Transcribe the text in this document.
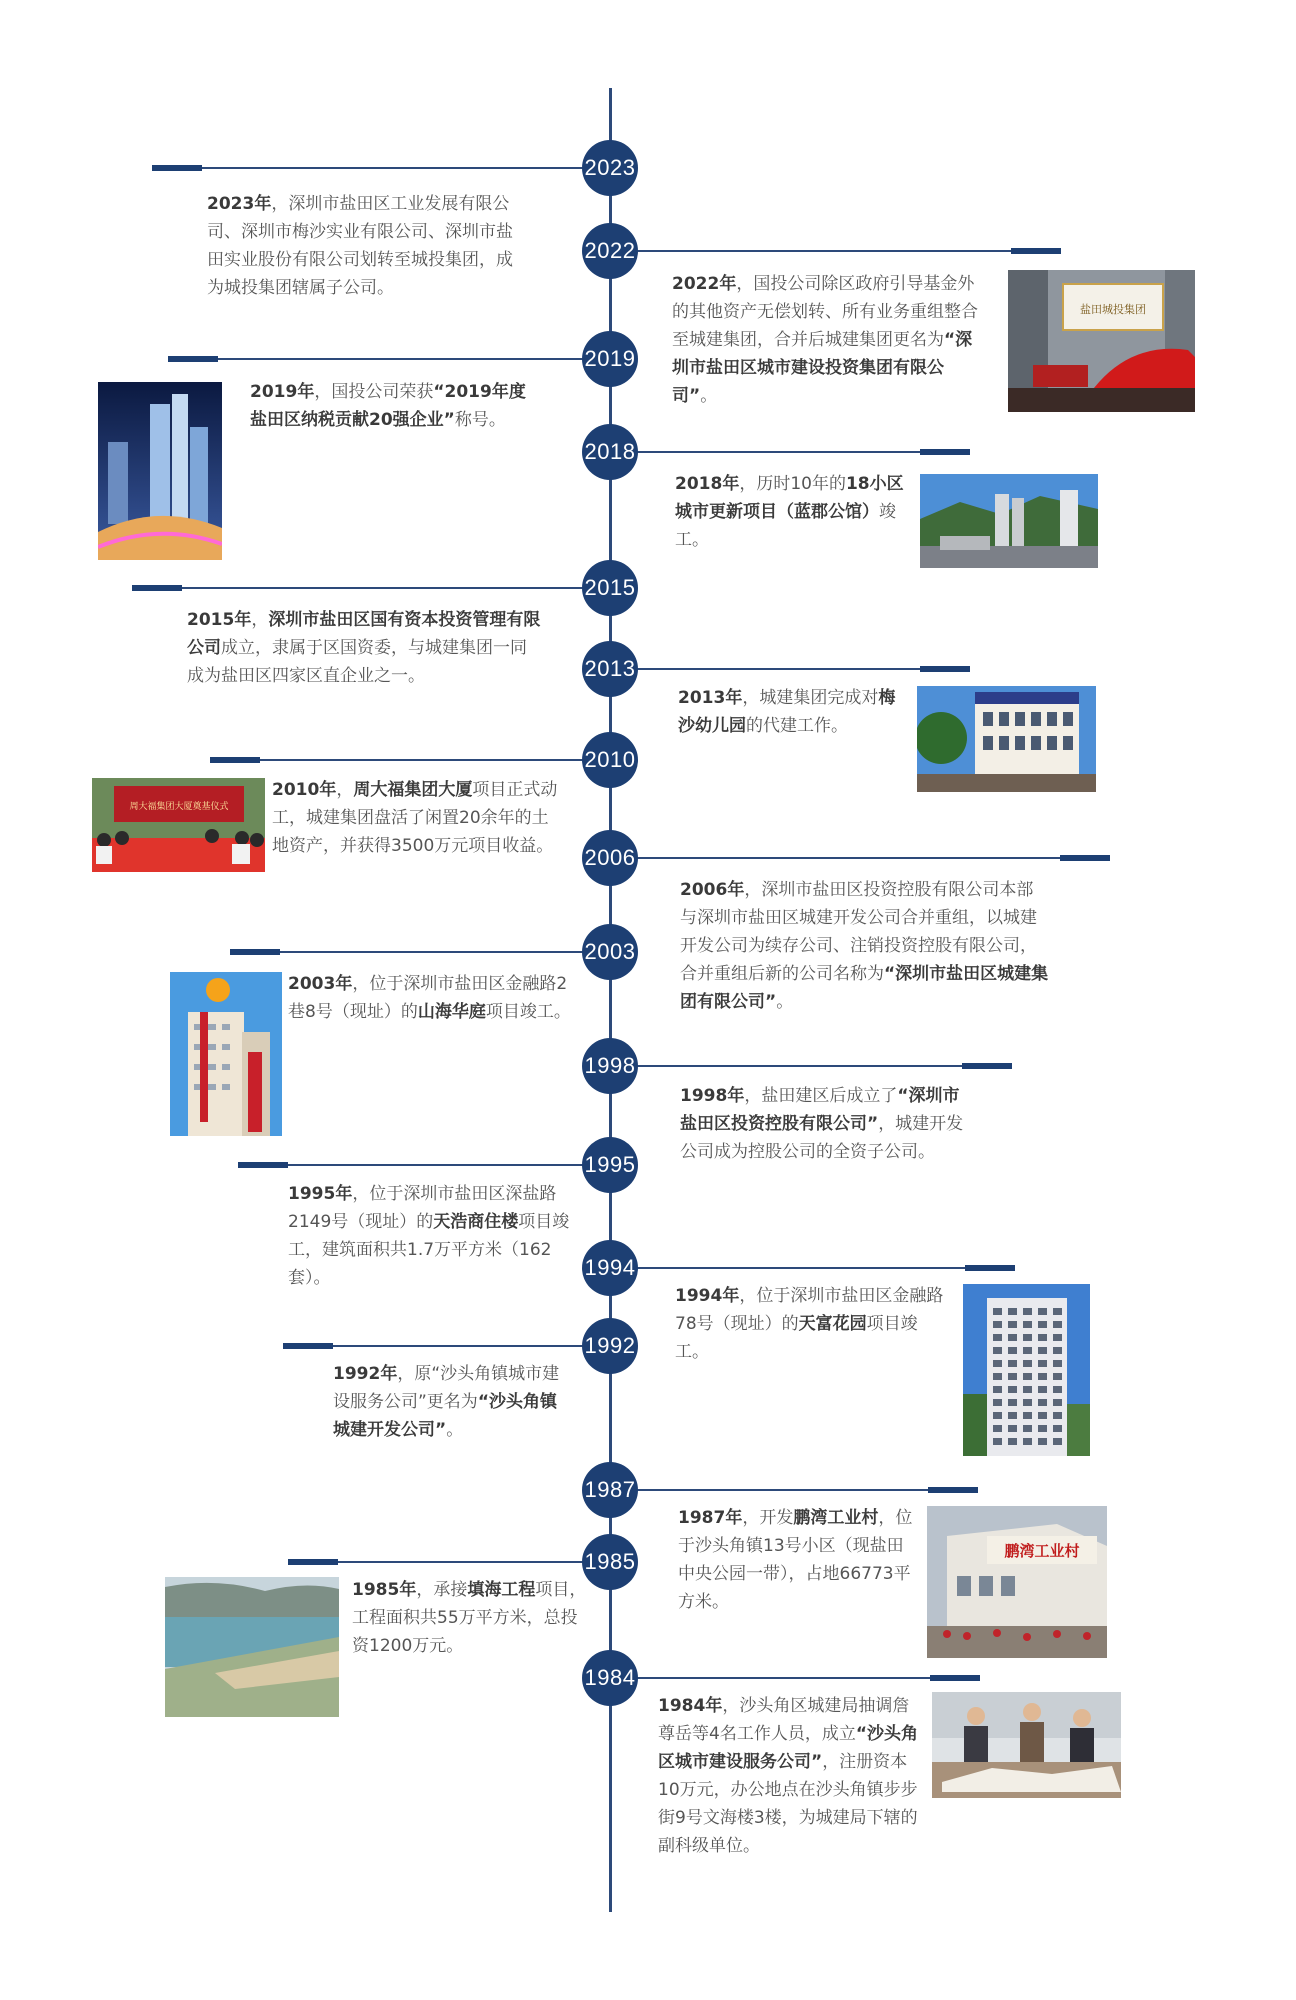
2023
2023年，深圳市盐田区工业发展有限公司、深圳市梅沙实业有限公司、深圳市盐田实业股份有限公司划转至城投集团，成为城投集团辖属子公司。
2022
2022年，国投公司除区政府引导基金外的其他资产无偿划转、所有业务重组整合至城建集团，合并后城建集团更名为“深圳市盐田区城市建设投资集团有限公司”。
盐田城投集团
2019
2019年，国投公司荣获“2019年度盐田区纳税贡献20强企业”称号。
2018
2018年，历时10年的18小区城市更新项目（蓝郡公馆）竣工。
2015
2015年，深圳市盐田区国有资本投资管理有限公司成立，隶属于区国资委，与城建集团一同成为盐田区四家区直企业之一。	2013
2013年，城建集团完成对梅沙幼儿园的代建工作。
2010
2010年，周大福集团大厦项目正式动工，城建集团盘活了闲置20余年的土地资产，并获得3500万元项目收益。
周大福集团大厦奠基仪式
2006
2006年，深圳市盐田区投资控股有限公司本部与深圳市盐田区城建开发公司合并重组，以城建开发公司为续存公司、注销投资控股有限公司，合并重组后新的公司名称为“深圳市盐田区城建集团有限公司”。
2003
2003年，位于深圳市盐田区金融路2巷8号（现址）的山海华庭项目竣工。
1998
1998年，盐田建区后成立了“深圳市盐田区投资控股有限公司”，城建开发公司成为控股公司的全资子公司。
1995
1995年，位于深圳市盐田区深盐路2149号（现址）的天浩商住楼项目竣工，建筑面积共1.7万平方米（162套）。	1994
1994年，位于深圳市盐田区金融路78号（现址）的天富花园项目竣工。
1992
1992年，原“沙头角镇城市建设服务公司”更名为“沙头角镇城建开发公司”。
1987
1987年，开发鹏湾工业村，位于沙头角镇13号小区（现盐田中央公园一带），占地66773平方米。
鹏湾工业村
1985
1985年，承接填海工程项目，工程面积共55万平方米，总投资1200万元。
1984
1984年，沙头角区城建局抽调詹尊岳等4名工作人员，成立“沙头角区城市建设服务公司”，注册资本10万元，办公地点在沙头角镇步步街9号文海楼3楼，为城建局下辖的副科级单位。
